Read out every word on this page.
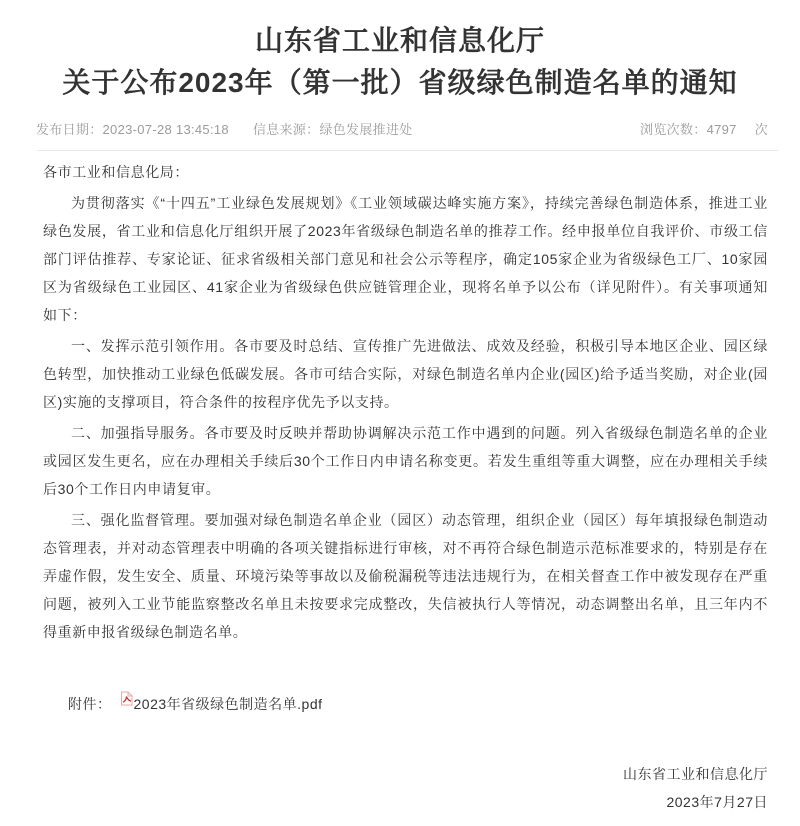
山东省工业和信息化厅
关于公布2023年（第一批）省级绿色制造名单的通知
发布日期：2023-07-28 13:45:18 信息来源：绿色发展推进处	浏览次数：4797 次

各市工业和信息化局：

为贯彻落实《“十四五”工业绿色发展规划》《工业领域碳达峰实施方案》，持续完善绿色制造体系，推进工业绿色发展，省工业和信息化厅组织开展了2023年省级绿色制造名单的推荐工作。经申报单位自我评价、市级工信部门评估推荐、专家论证、征求省级相关部门意见和社会公示等程序，确定105家企业为省级绿色工厂、10家园区为省级绿色工业园区、41家企业为省级绿色供应链管理企业，现将名单予以公布（详见附件）。有关事项通知如下：

一、发挥示范引领作用。各市要及时总结、宣传推广先进做法、成效及经验，积极引导本地区企业、园区绿色转型，加快推动工业绿色低碳发展。各市可结合实际，对绿色制造名单内企业(园区)给予适当奖励，对企业(园区)实施的支撑项目，符合条件的按程序优先予以支持。

二、加强指导服务。各市要及时反映并帮助协调解决示范工作中遇到的问题。列入省级绿色制造名单的企业或园区发生更名，应在办理相关手续后30个工作日内申请名称变更。若发生重组等重大调整，应在办理相关手续后30个工作日内申请复审。

三、强化监督管理。要加强对绿色制造名单企业（园区）动态管理，组织企业（园区）每年填报绿色制造动态管理表，并对动态管理表中明确的各项关键指标进行审核，对不再符合绿色制造示范标准要求的，特别是存在弄虚作假，发生安全、质量、环境污染等事故以及偷税漏税等违法违规行为，在相关督查工作中被发现存在严重问题，被列入工业节能监察整改名单且未按要求完成整改，失信被执行人等情况，动态调整出名单，且三年内不得重新申报省级绿色制造名单。

附件： 2023年省级绿色制造名单.pdf
山东省工业和信息化厅
2023年7月27日
